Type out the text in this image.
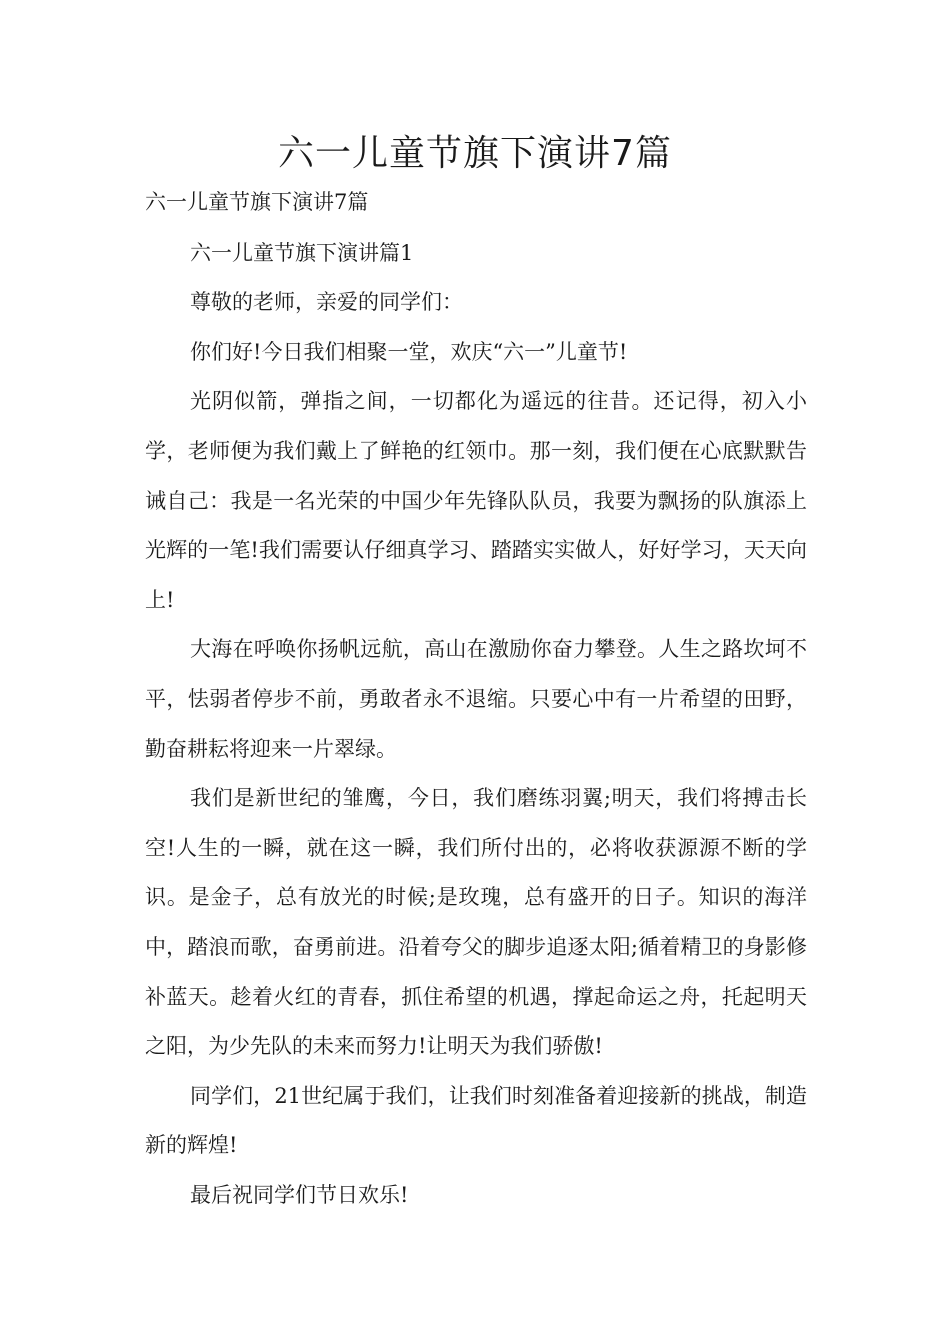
六一儿童节旗下演讲7篇

六一儿童节旗下演讲7篇

六一儿童节旗下演讲篇1

尊敬的老师，亲爱的同学们：

你们好!今日我们相聚一堂，欢庆“六一”儿童节!

光阴似箭，弹指之间，一切都化为遥远的往昔。还记得，初入小学，老师便为我们戴上了鲜艳的红领巾。那一刻，我们便在心底默默告诫自己：我是一名光荣的中国少年先锋队队员，我要为飘扬的队旗添上光辉的一笔!我们需要认仔细真学习、踏踏实实做人，好好学习，天天向上!

大海在呼唤你扬帆远航，高山在激励你奋力攀登。人生之路坎坷不平，怯弱者停步不前，勇敢者永不退缩。只要心中有一片希望的田野，勤奋耕耘将迎来一片翠绿。

我们是新世纪的雏鹰，今日，我们磨练羽翼;明天，我们将搏击长空!人生的一瞬，就在这一瞬，我们所付出的，必将收获源源不断的学识。是金子，总有放光的时候;是玫瑰，总有盛开的日子。知识的海洋中，踏浪而歌，奋勇前进。沿着夸父的脚步追逐太阳;循着精卫的身影修补蓝天。趁着火红的青春，抓住希望的机遇，撑起命运之舟，托起明天之阳，为少先队的未来而努力!让明天为我们骄傲!

同学们，21世纪属于我们，让我们时刻准备着迎接新的挑战，制造新的辉煌!

最后祝同学们节日欢乐!
